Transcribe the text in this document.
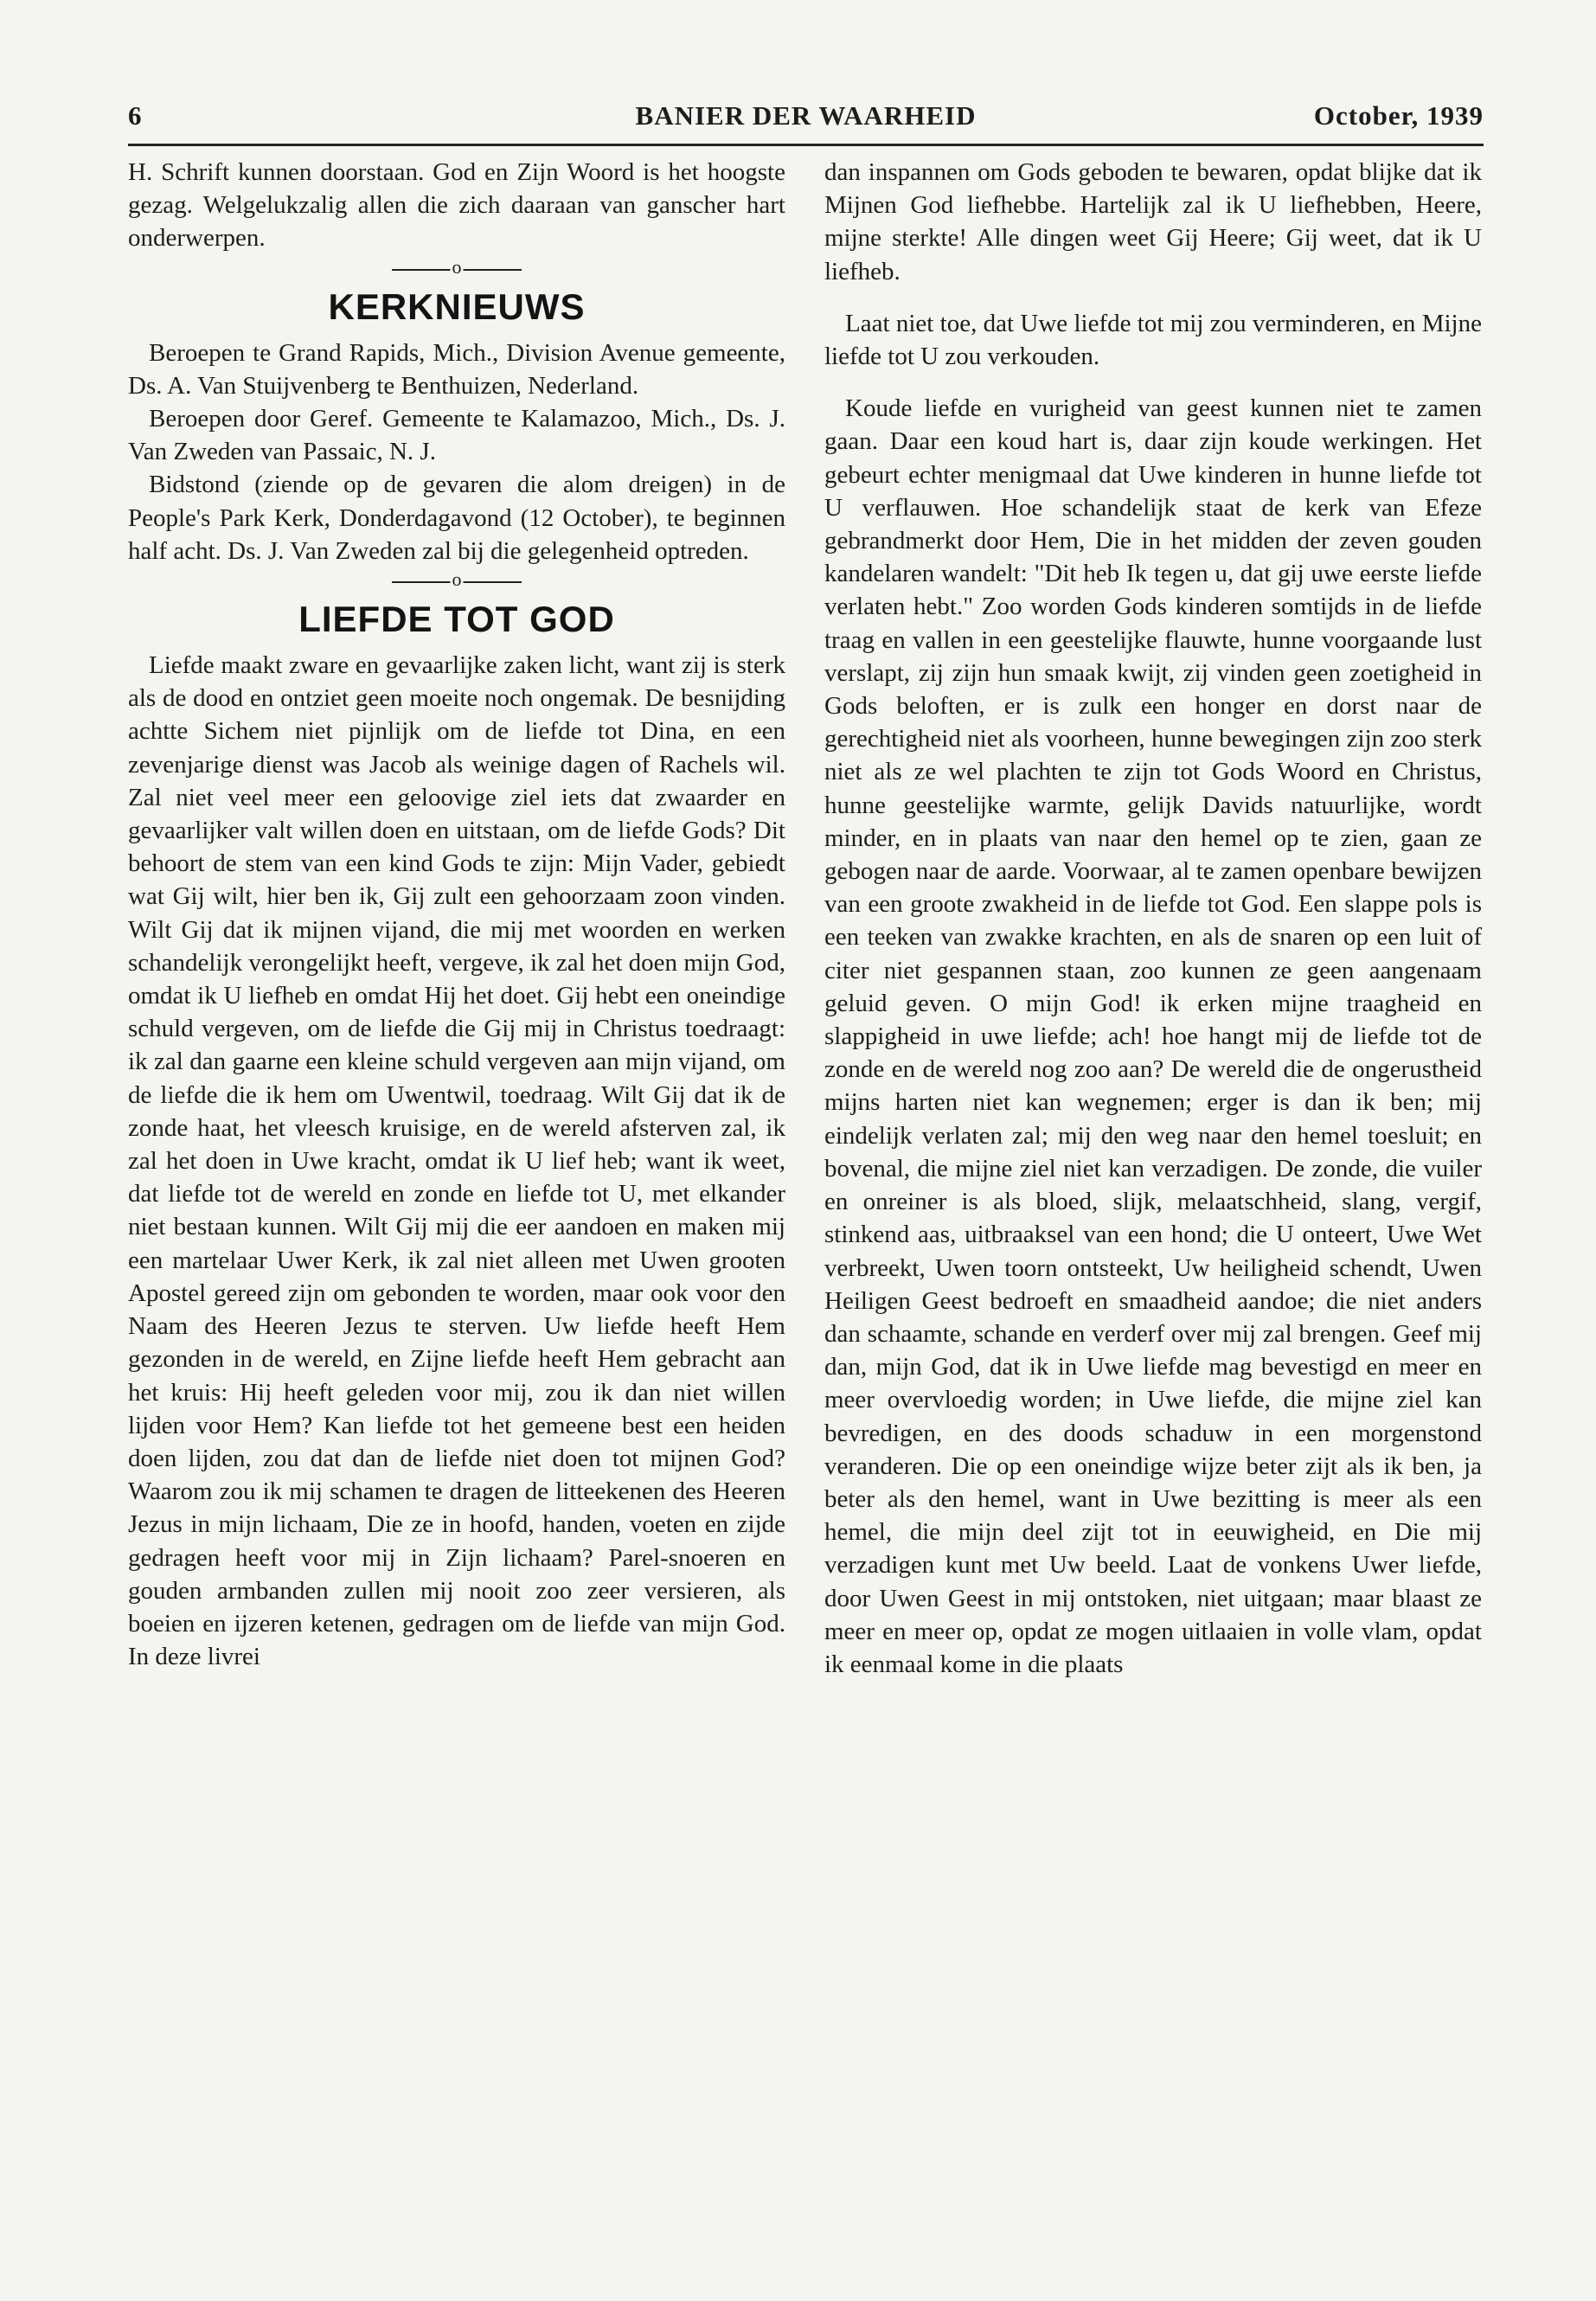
6	BANIER DER WAARHEID	October, 1939

H. Schrift kunnen doorstaan. God en Zijn Woord is het hoogste gezag. Welgelukzalig allen die zich daaraan van ganscher hart onderwerpen.

o
KERKNIEUWS

Beroepen te Grand Rapids, Mich., Division Avenue gemeente, Ds. A. Van Stuijvenberg te Benthuizen, Nederland.

Beroepen door Geref. Gemeente te Kalamazoo, Mich., Ds. J. Van Zweden van Passaic, N. J.

Bidstond (ziende op de gevaren die alom dreigen) in de People's Park Kerk, Donderdagavond (12 October), te beginnen half acht. Ds. J. Van Zweden zal bij die gelegenheid optreden.

o
LIEFDE TOT GOD

Liefde maakt zware en gevaarlijke zaken licht, want zij is sterk als de dood en ontziet geen moeite noch ongemak. De besnijding achtte Sichem niet pijnlijk om de liefde tot Dina, en een zevenjarige dienst was Jacob als weinige dagen of Rachels wil. Zal niet veel meer een geloovige ziel iets dat zwaarder en gevaarlijker valt willen doen en uitstaan, om de liefde Gods? Dit behoort de stem van een kind Gods te zijn: Mijn Vader, gebiedt wat Gij wilt, hier ben ik, Gij zult een gehoorzaam zoon vinden. Wilt Gij dat ik mijnen vijand, die mij met woorden en werken schandelijk verongelijkt heeft, vergeve, ik zal het doen mijn God, omdat ik U liefheb en omdat Hij het doet. Gij hebt een oneindige schuld vergeven, om de liefde die Gij mij in Christus toedraagt: ik zal dan gaarne een kleine schuld vergeven aan mijn vijand, om de liefde die ik hem om Uwentwil, toedraag. Wilt Gij dat ik de zonde haat, het vleesch kruisige, en de wereld afsterven zal, ik zal het doen in Uwe kracht, omdat ik U lief heb; want ik weet, dat liefde tot de wereld en zonde en liefde tot U, met elkander niet bestaan kunnen. Wilt Gij mij die eer aandoen en maken mij een martelaar Uwer Kerk, ik zal niet alleen met Uwen grooten Apostel gereed zijn om gebonden te worden, maar ook voor den Naam des Heeren Jezus te sterven. Uw liefde heeft Hem gezonden in de wereld, en Zijne liefde heeft Hem gebracht aan het kruis: Hij heeft geleden voor mij, zou ik dan niet willen lijden voor Hem? Kan liefde tot het gemeene best een heiden doen lijden, zou dat dan de liefde niet doen tot mijnen God? Waarom zou ik mij schamen te dragen de litteekenen des Heeren Jezus in mijn lichaam, Die ze in hoofd, handen, voeten en zijde gedragen heeft voor mij in Zijn lichaam? Parel-snoeren en gouden armbanden zullen mij nooit zoo zeer versieren, als boeien en ijzeren ketenen, gedragen om de liefde van mijn God. In deze livrei

dan inspannen om Gods geboden te bewaren, opdat blijke dat ik Mijnen God liefhebbe. Hartelijk zal ik U liefhebben, Heere, mijne sterkte! Alle dingen weet Gij Heere; Gij weet, dat ik U liefheb.

Laat niet toe, dat Uwe liefde tot mij zou verminderen, en Mijne liefde tot U zou verkouden.

Koude liefde en vurigheid van geest kunnen niet te zamen gaan. Daar een koud hart is, daar zijn koude werkingen. Het gebeurt echter menigmaal dat Uwe kinderen in hunne liefde tot U verflauwen. Hoe schandelijk staat de kerk van Efeze gebrandmerkt door Hem, Die in het midden der zeven gouden kandelaren wandelt: "Dit heb Ik tegen u, dat gij uwe eerste liefde verlaten hebt." Zoo worden Gods kinderen somtijds in de liefde traag en vallen in een geestelijke flauwte, hunne voorgaande lust verslapt, zij zijn hun smaak kwijt, zij vinden geen zoetigheid in Gods beloften, er is zulk een honger en dorst naar de gerechtigheid niet als voorheen, hunne bewegingen zijn zoo sterk niet als ze wel plachten te zijn tot Gods Woord en Christus, hunne geestelijke warmte, gelijk Davids natuurlijke, wordt minder, en in plaats van naar den hemel op te zien, gaan ze gebogen naar de aarde. Voorwaar, al te zamen openbare bewijzen van een groote zwakheid in de liefde tot God. Een slappe pols is een teeken van zwakke krachten, en als de snaren op een luit of citer niet gespannen staan, zoo kunnen ze geen aangenaam geluid geven. O mijn God! ik erken mijne traagheid en slappigheid in uwe liefde; ach! hoe hangt mij de liefde tot de zonde en de wereld nog zoo aan? De wereld die de ongerustheid mijns harten niet kan wegnemen; erger is dan ik ben; mij eindelijk verlaten zal; mij den weg naar den hemel toesluit; en bovenal, die mijne ziel niet kan verzadigen. De zonde, die vuiler en onreiner is als bloed, slijk, melaatschheid, slang, vergif, stinkend aas, uitbraaksel van een hond; die U onteert, Uwe Wet verbreekt, Uwen toorn ontsteekt, Uw heiligheid schendt, Uwen Heiligen Geest bedroeft en smaadheid aandoe; die niet anders dan schaamte, schande en verderf over mij zal brengen. Geef mij dan, mijn God, dat ik in Uwe liefde mag bevestigd en meer en meer overvloedig worden; in Uwe liefde, die mijne ziel kan bevredigen, en des doods schaduw in een morgenstond veranderen. Die op een oneindige wijze beter zijt als ik ben, ja beter als den hemel, want in Uwe bezitting is meer als een hemel, die mijn deel zijt tot in eeuwigheid, en Die mij verzadigen kunt met Uw beeld. Laat de vonkens Uwer liefde, door Uwen Geest in mij ontstoken, niet uitgaan; maar blaast ze meer en meer op, opdat ze mogen uitlaaien in volle vlam, opdat ik eenmaal kome in die plaats
